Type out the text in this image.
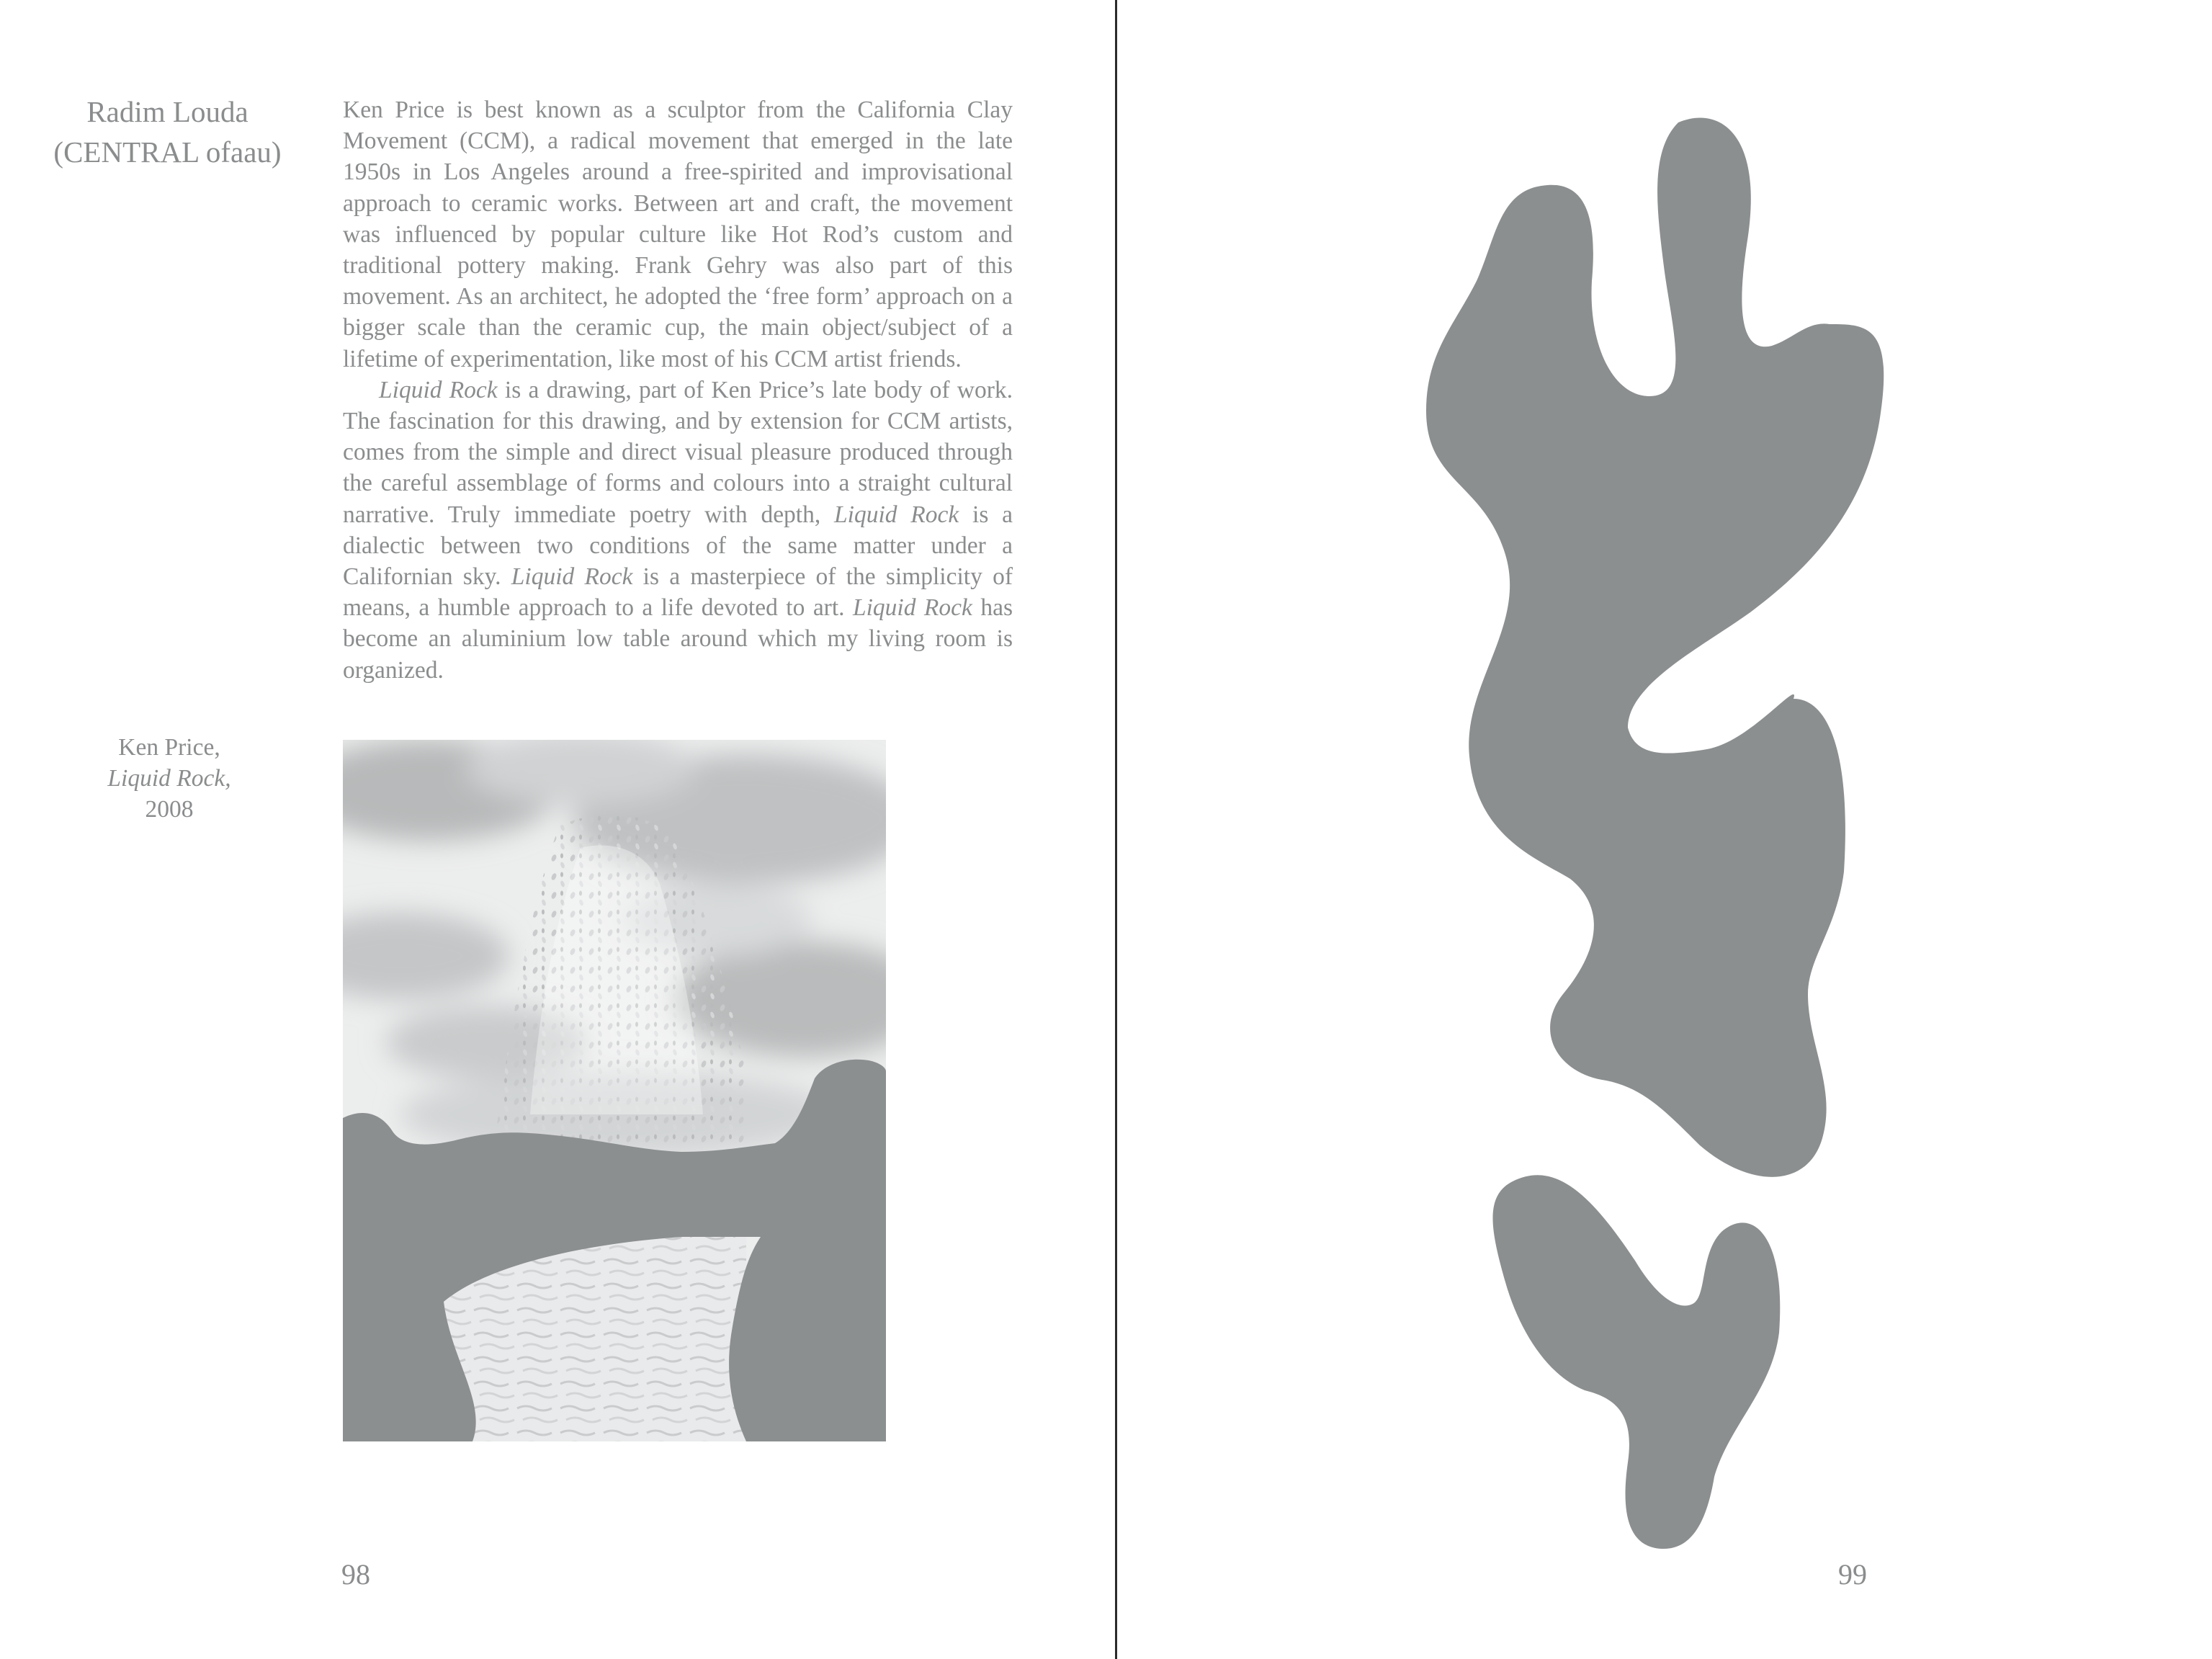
Radim Louda
(CENTRAL ofaau)

Ken Price is best known as a sculptor from the California Clay Movement (CCM), a radical movement that emerged in the late 1950s in Los Angeles around a free-spirited and improvisational approach to ceramic works. Between art and craft, the movement was influenced by popular culture like Hot Rod’s custom and traditional pottery making. Frank Gehry was also part of this movement. As an architect, he adopted the ‘free form’ approach on a bigger scale than the ceramic cup, the main object/subject of a lifetime of experimentation, like most of his CCM artist friends.

Liquid Rock is a drawing, part of Ken Price’s late body of work. The fascination for this drawing, and by extension for CCM artists, comes from the simple and direct visual pleasure produced through the careful assemblage of forms and colours into a straight cultural narrative. Truly immediate poetry with depth, Liquid Rock is a dialectic between two conditions of the same matter under a Californian sky. Liquid Rock is a masterpiece of the simplicity of means, a humble approach to a life devoted to art. Liquid Rock has become an aluminium low table around which my living room is organized.

Ken Price,
Liquid Rock,
2008
98	99
